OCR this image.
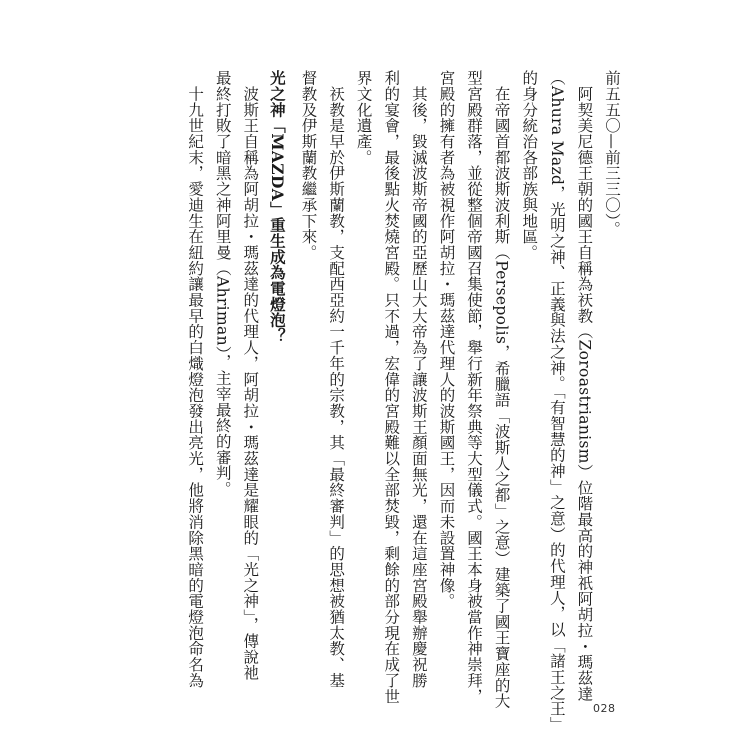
前五五〇—前三三〇）。
　阿契美尼德王朝的國王自稱為祆教（Zoroastrianism）位階最高的神祇阿胡拉・瑪茲達
（Ahura Mazd，光明之神、正義與法之神。「有智慧的神」之意）的代理人，以「諸王之王」
的身分統治各部族與地區。
　在帝國首都波斯波利斯（Persepolis，希臘語「波斯人之都」之意）建築了國王寶座的大
型宮殿群落，並從整個帝國召集使節，舉行新年祭典等大型儀式。國王本身被當作神崇拜，
宮殿的擁有者為被視作阿胡拉・瑪茲達代理人的波斯國王，因而未設置神像。
　其後，毀滅波斯帝國的亞歷山大大帝為了讓波斯王顏面無光，還在這座宮殿舉辦慶祝勝
利的宴會，最後點火焚燒宮殿。只不過，宏偉的宮殿難以全部焚毀，剩餘的部分現在成了世
界文化遺產。
　祆教是早於伊斯蘭教，支配西亞約一千年的宗教，其「最終審判」的思想被猶太教、基
督教及伊斯蘭教繼承下來。
光之神「MAZDA」重生成為電燈泡？
　波斯王自稱為阿胡拉・瑪茲達的代理人，阿胡拉・瑪茲達是耀眼的「光之神」，傳說祂
最終打敗了暗黑之神阿里曼（Ahriman），主宰最終的審判。
　十九世紀末，愛迪生在紐約讓最早的白熾燈泡發出亮光，他將消除黑暗的電燈泡命名為
028
